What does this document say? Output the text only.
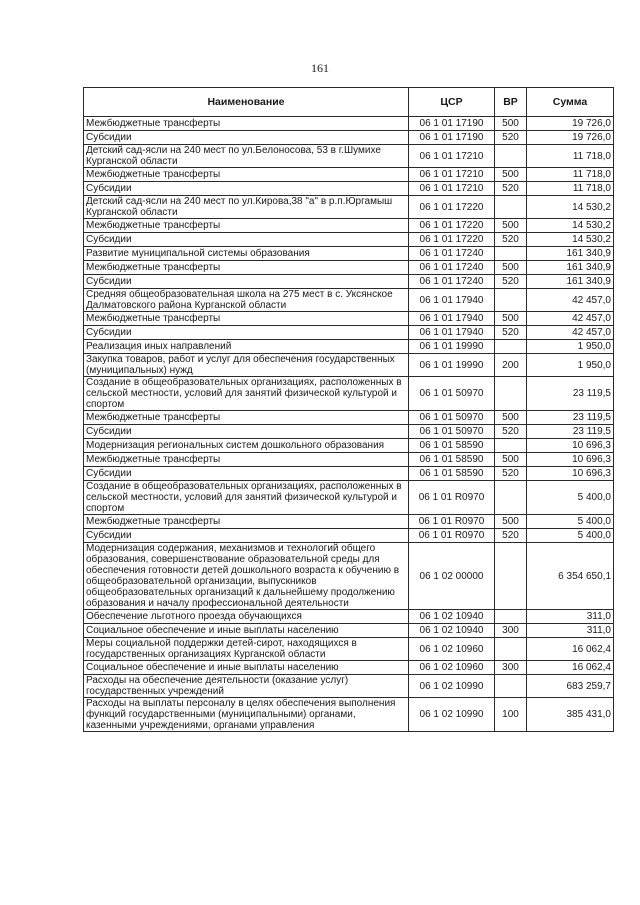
161
Наименование	ЦСР	ВР	Сумма
Межбюджетные трансферты	06 1 01 17190	500	19 726,0
Субсидии	06 1 01 17190	520	19 726,0
Детский сад-ясли на 240 мест по ул.Белоносова, 53 в г.Шумихе Курганской области	06 1 01 17210		11 718,0
Межбюджетные трансферты	06 1 01 17210	500	11 718,0
Субсидии	06 1 01 17210	520	11 718,0
Детский сад-ясли на 240 мест по ул.Кирова,38 "а" в р.п.Юргамыш Курганской области	06 1 01 17220		14 530,2
Межбюджетные трансферты	06 1 01 17220	500	14 530,2
Субсидии	06 1 01 17220	520	14 530,2
Развитие муниципальной системы образования	06 1 01 17240		161 340,9
Межбюджетные трансферты	06 1 01 17240	500	161 340,9
Субсидии	06 1 01 17240	520	161 340,9
Средняя общеобразовательная школа на 275 мест в с. Уксянское Далматовского района Курганской области	06 1 01 17940		42 457,0
Межбюджетные трансферты	06 1 01 17940	500	42 457,0
Субсидии	06 1 01 17940	520	42 457,0
Реализация иных направлений	06 1 01 19990		1 950,0
Закупка товаров, работ и услуг для обеспечения государственных (муниципальных) нужд	06 1 01 19990	200	1 950,0
Создание в общеобразовательных организациях, расположенных в сельской местности, условий для занятий физической культурой и спортом	06 1 01 50970		23 119,5
Межбюджетные трансферты	06 1 01 50970	500	23 119,5
Субсидии	06 1 01 50970	520	23 119,5
Модернизация региональных систем дошкольного образования	06 1 01 58590		10 696,3
Межбюджетные трансферты	06 1 01 58590	500	10 696,3
Субсидии	06 1 01 58590	520	10 696,3
Создание в общеобразовательных организациях, расположенных в сельской местности, условий для занятий физической культурой и спортом	06 1 01 R0970		5 400,0
Межбюджетные трансферты	06 1 01 R0970	500	5 400,0
Субсидии	06 1 01 R0970	520	5 400,0
Модернизация содержания, механизмов и технологий общего образования, совершенствование образовательной среды для обеспечения готовности детей дошкольного возраста к обучению в общеобразовательной организации, выпускников общеобразовательных организаций к дальнейшему продолжению образования и началу профессиональной деятельности	06 1 02 00000		6 354 650,1
Обеспечение льготного проезда обучающихся	06 1 02 10940		311,0
Социальное обеспечение и иные выплаты населению	06 1 02 10940	300	311,0
Меры социальной поддержки детей-сирот, находящихся в государственных организациях Курганской области	06 1 02 10960		16 062,4
Социальное обеспечение и иные выплаты населению	06 1 02 10960	300	16 062,4
Расходы на обеспечение деятельности (оказание услуг) государственных учреждений	06 1 02 10990		683 259,7
Расходы на выплаты персоналу в целях обеспечения выполнения функций государственными (муниципальными) органами, казенными учреждениями, органами управления	06 1 02 10990	100	385 431,0
